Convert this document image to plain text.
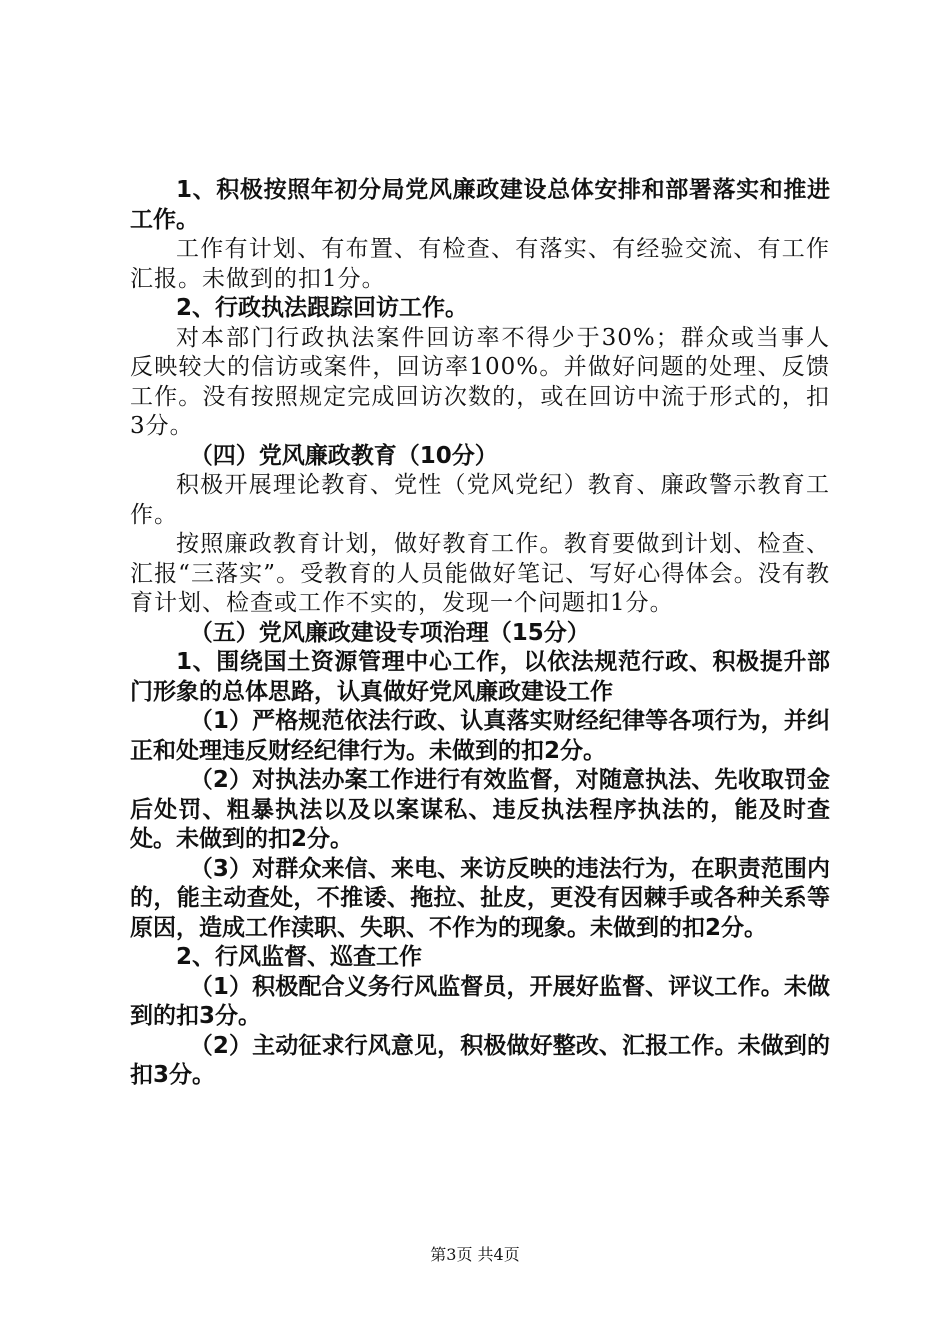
1、积极按照年初分局党风廉政建设总体安排和部署落实和推进工作。

工作有计划、有布置、有检查、有落实、有经验交流、有工作汇报。未做到的扣1分。

2、行政执法跟踪回访工作。

对本部门行政执法案件回访率不得少于30%；群众或当事人反映较大的信访或案件，回访率100%。并做好问题的处理、反馈工作。没有按照规定完成回访次数的，或在回访中流于形式的，扣3分。

（四）党风廉政教育（10分）

积极开展理论教育、党性（党风党纪）教育、廉政警示教育工作。

按照廉政教育计划，做好教育工作。教育要做到计划、检查、汇报“三落实”。受教育的人员能做好笔记、写好心得体会。没有教育计划、检查或工作不实的，发现一个问题扣1分。

（五）党风廉政建设专项治理（15分）

1、围绕国土资源管理中心工作，以依法规范行政、积极提升部门形象的总体思路，认真做好党风廉政建设工作

（1）严格规范依法行政、认真落实财经纪律等各项行为，并纠正和处理违反财经纪律行为。未做到的扣2分。

（2）对执法办案工作进行有效监督，对随意执法、先收取罚金后处罚、粗暴执法以及以案谋私、违反执法程序执法的，能及时查处。未做到的扣2分。

（3）对群众来信、来电、来访反映的违法行为，在职责范围内的，能主动查处，不推诿、拖拉、扯皮，更没有因棘手或各种关系等原因，造成工作渎职、失职、不作为的现象。未做到的扣2分。

2、行风监督、巡查工作

（1）积极配合义务行风监督员，开展好监督、评议工作。未做到的扣3分。

（2）主动征求行风意见，积极做好整改、汇报工作。未做到的扣3分。

第3页 共4页
